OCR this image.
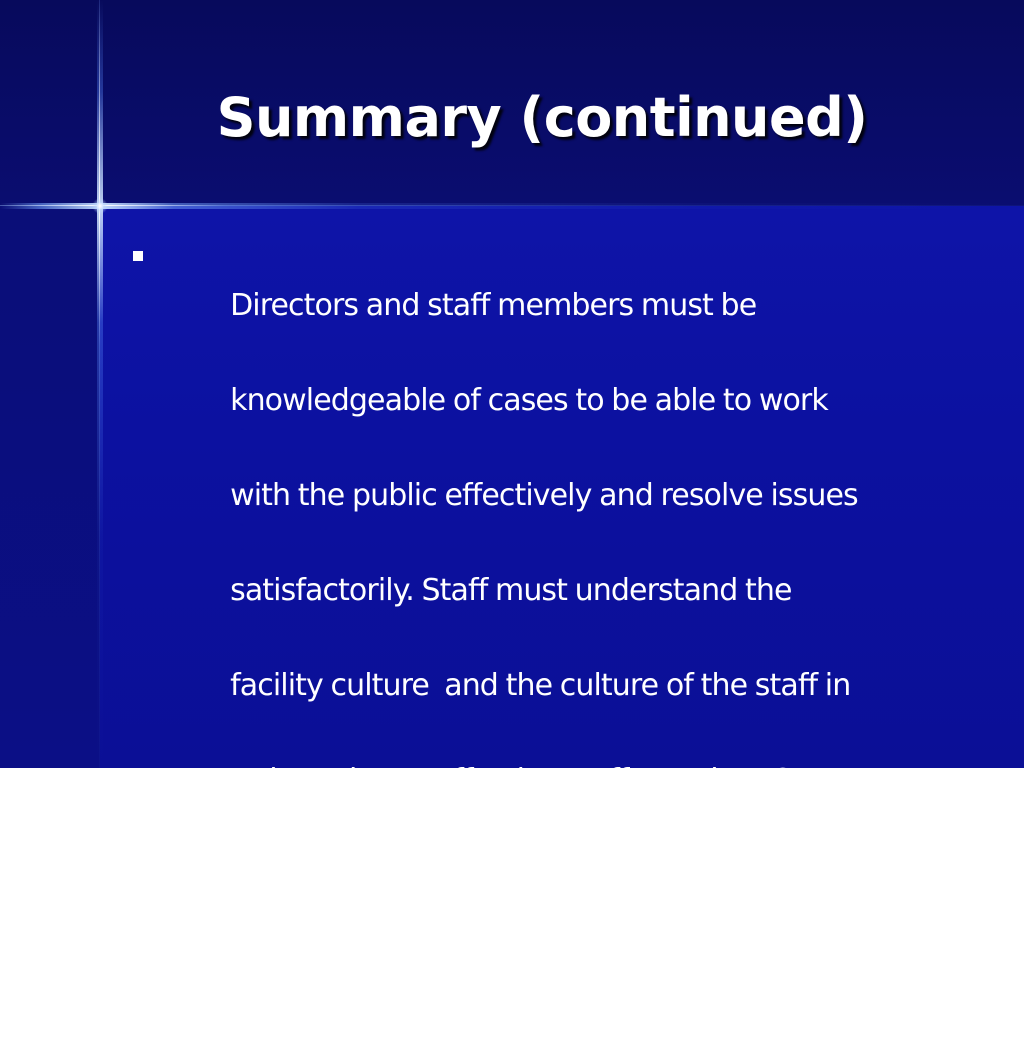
Summary (continued)

Directors and staff members must be

knowledgeable of cases to be able to work

with the public effectively and resolve issues

satisfactorily. Staff must understand the

facility culture  and the culture of the staff in

order to be an effective staff member. One

must have the same value system as the

administration to be an effective Hab  tech.
